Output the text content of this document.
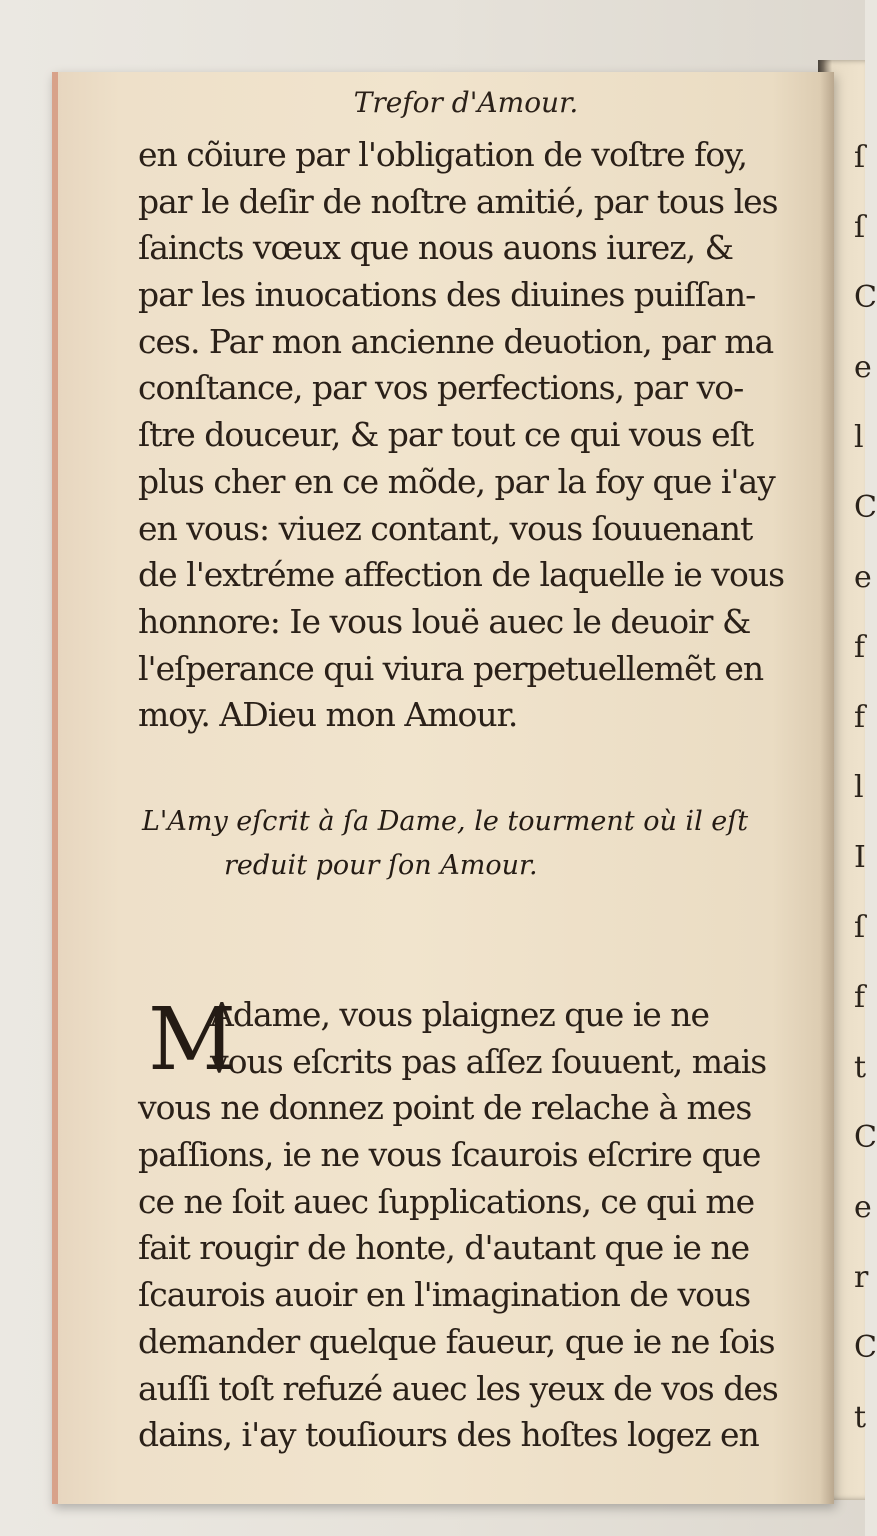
ſ
ſ
C
e
l
C
e
f
f
l
I
ſ
f
t
C
e
r
C
t
Trefor d'Amour.
en cõiure par l'obligation de voſtre foy,
par le deſir de noſtre amitié, par tous les
ſaincts vœux que nous auons iurez, &
par les inuocations des diuines puiſſan-
ces. Par mon ancienne deuotion, par ma
conſtance, par vos perfections, par vo-
ſtre douceur, & par tout ce qui vous eſt
plus cher en ce mõde, par la foy que i'ay
en vous: viuez contant, vous ſouuenant
de l'extréme affection de laquelle ie vous
honnore: Ie vous louë auec le deuoir &
l'eſperance qui viura perpetuellemẽt en
moy. ADieu mon Amour.
L'Amy eſcrit à ſa Dame, le tourment où il eſt
reduit pour ſon Amour.
M
Adame, vous plaignez que ie ne
vous eſcrits pas aſſez ſouuent, mais
vous ne donnez point de relache à mes
paſſions, ie ne vous ſcaurois eſcrire que
ce ne ſoit auec ſupplications, ce qui me
fait rougir de honte, d'autant que ie ne
ſcaurois auoir en l'imagination de vous
demander quelque faueur, que ie ne ſois
auſſi toſt refuzé auec les yeux de vos des
dains, i'ay touſiours des hoſtes logez en
